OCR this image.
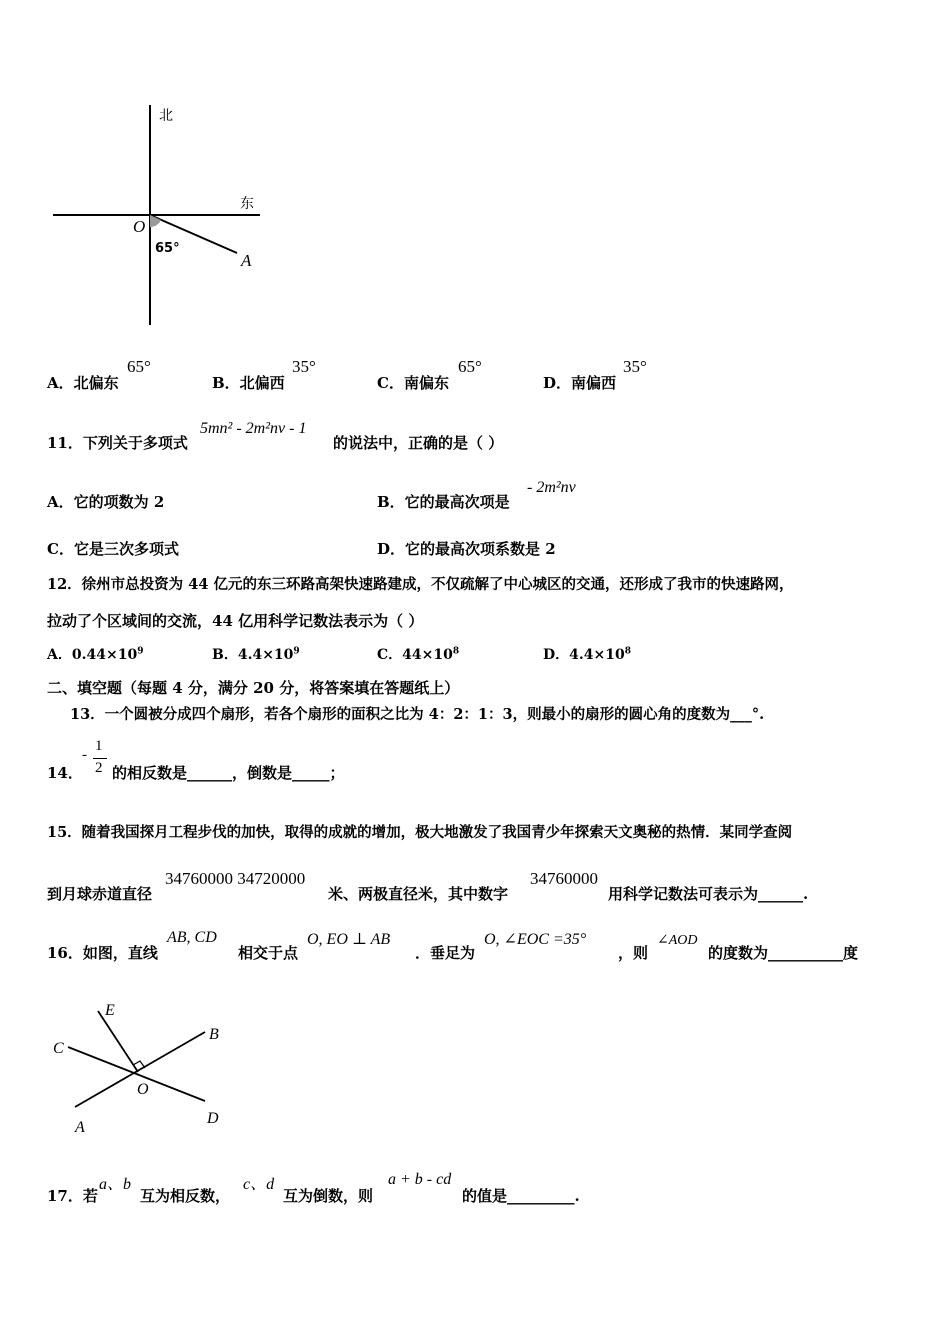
北
东
O
A
65°
A．北偏东
65°
B．北偏西
35°
C．南偏东
65°
D．南偏西
35°
11．下列关于多项式
5mn² - 2m²nv - 1
的说法中，正确的是（ ）
A．它的项数为 2	B．它的最高次项是
- 2m²nv
C．它是三次多项式	D．它的最高次项系数是 2
12．徐州市总投资为 44 亿元的东三环路高架快速路建成，不仅疏解了中心城区的交通，还形成了我市的快速路网，
拉动了个区域间的交流，44 亿用科学记数法表示为（ ）
A．$0.44\times 10^9$	B．$4.4\times 10^9$	C．$44\times 10^8$	D．$4.4\times 10^8$
二、填空题（每题 4 分，满分 20 分，将答案填在答题纸上）
13．一个圆被分成四个扇形，若各个扇形的面积之比为 4：2：1：3，则最小的扇形的圆心角的度数为___°.
14．
-
1
2 的相反数是______，倒数是_____；
15．随着我国探月工程步伐的加快，取得的成就的增加，极大地激发了我国青少年探索天文奥秘的热情．某同学查阅
到月球赤道直径
34760000 34720000
米、两极直径米，其中数字
34760000
用科学记数法可表示为______.
16．如图，直线
AB, CD
相交于点
O, EO ⊥ AB
．垂足为
O, ∠EOC =35°
，则
∠AOD
的度数为__________度
E
B
C
O
A
D
17．若
a、b
互为相反数，
c、d
互为倒数，则
a + b - cd
的值是_________.
